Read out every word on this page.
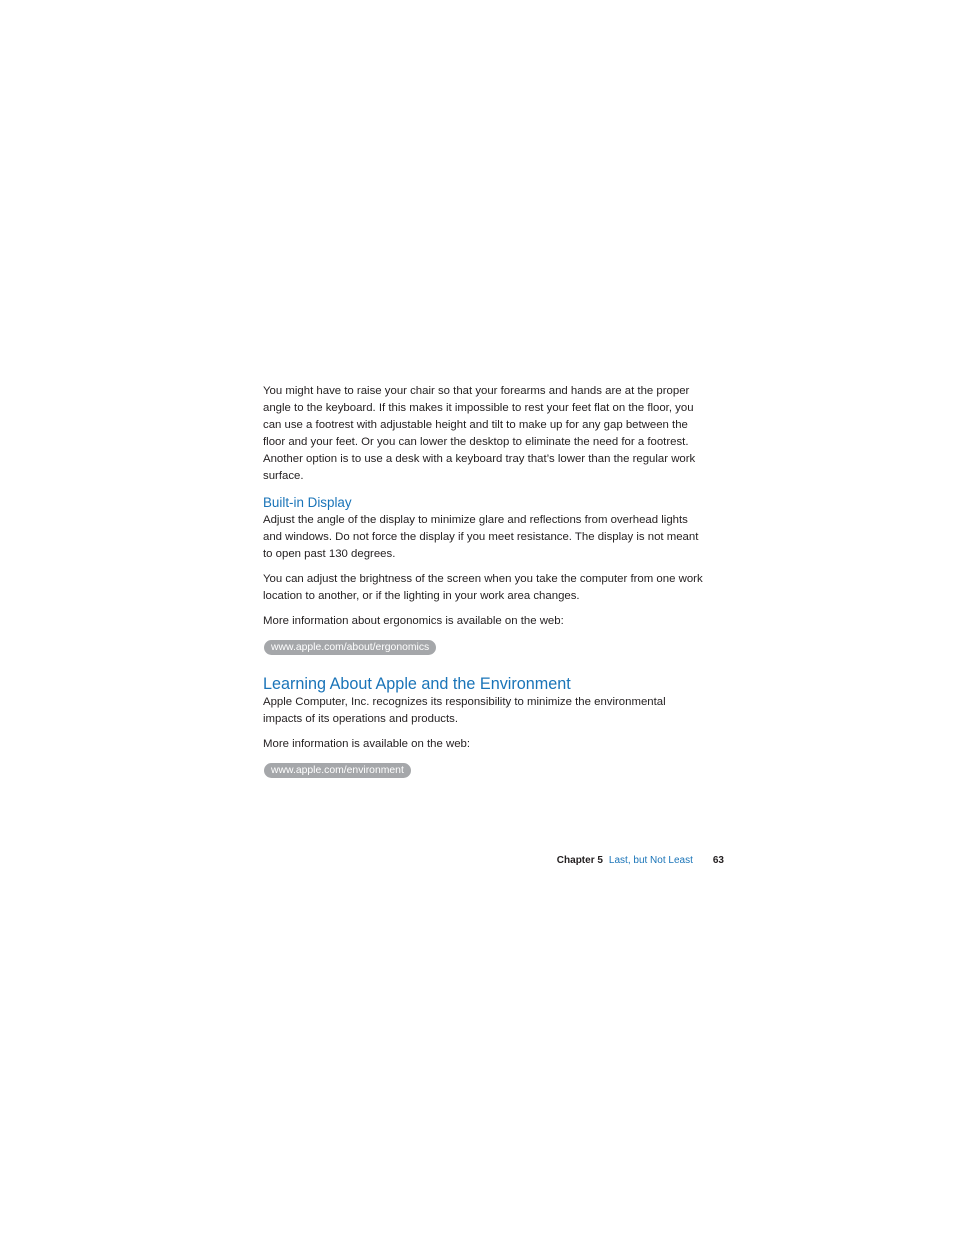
You might have to raise your chair so that your forearms and hands are at the proper angle to the keyboard. If this makes it impossible to rest your feet flat on the floor, you can use a footrest with adjustable height and tilt to make up for any gap between the floor and your feet. Or you can lower the desktop to eliminate the need for a footrest. Another option is to use a desk with a keyboard tray that’s lower than the regular work surface.

Built-in Display

Adjust the angle of the display to minimize glare and reflections from overhead lights and windows. Do not force the display if you meet resistance. The display is not meant to open past 130 degrees.

You can adjust the brightness of the screen when you take the computer from one work location to another, or if the lighting in your work area changes.

More information about ergonomics is available on the web:

www.apple.com/about/ergonomics
Learning About Apple and the Environment

Apple Computer, Inc. recognizes its responsibility to minimize the environmental impacts of its operations and products.

More information is available on the web:

www.apple.com/environment
Chapter 5 Last, but Not Least 63
